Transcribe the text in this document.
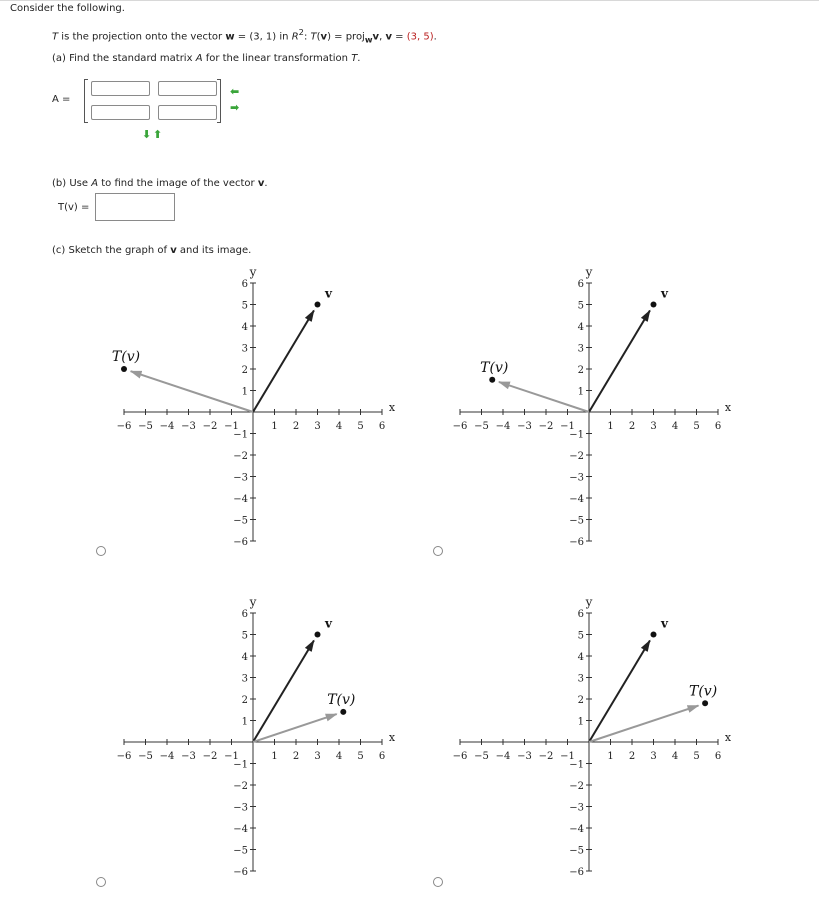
Consider the following.
T is the projection onto the vector w = (3, 1) in $R^2$: T(v) = proj$_w$v, v = (3, 5).
(a) Find the standard matrix A for the linear transformation T.
A =
⬅
➡
⬇ ⬆
(b) Use A to find the image of the vector v.
T(v) =
(c) Sketch the graph of v and its image.
−6 −5 −4 −3 −2 −1	1 2 3 4 5 6
6
5
4
3
2
1
−1
−2
−3
−4
−5
−6
x
y
v
T(v)
−6 −5 −4 −3 −2 −1	1 2 3 4 5 6
6
5
4
3
2
1
−1
−2
−3
−4
−5
−6
x
y
v
T(v)
−6 −5 −4 −3 −2 −1	1 2 3 4 5 6
6
5
4
3
2
1
−1
−2
−3
−4
−5
−6
x
y
v
T(v)
−6 −5 −4 −3 −2 −1	1 2 3 4 5 6
6
5
4
3
2
1
−1
−2
−3
−4
−5
−6
x
y
v
T(v)
